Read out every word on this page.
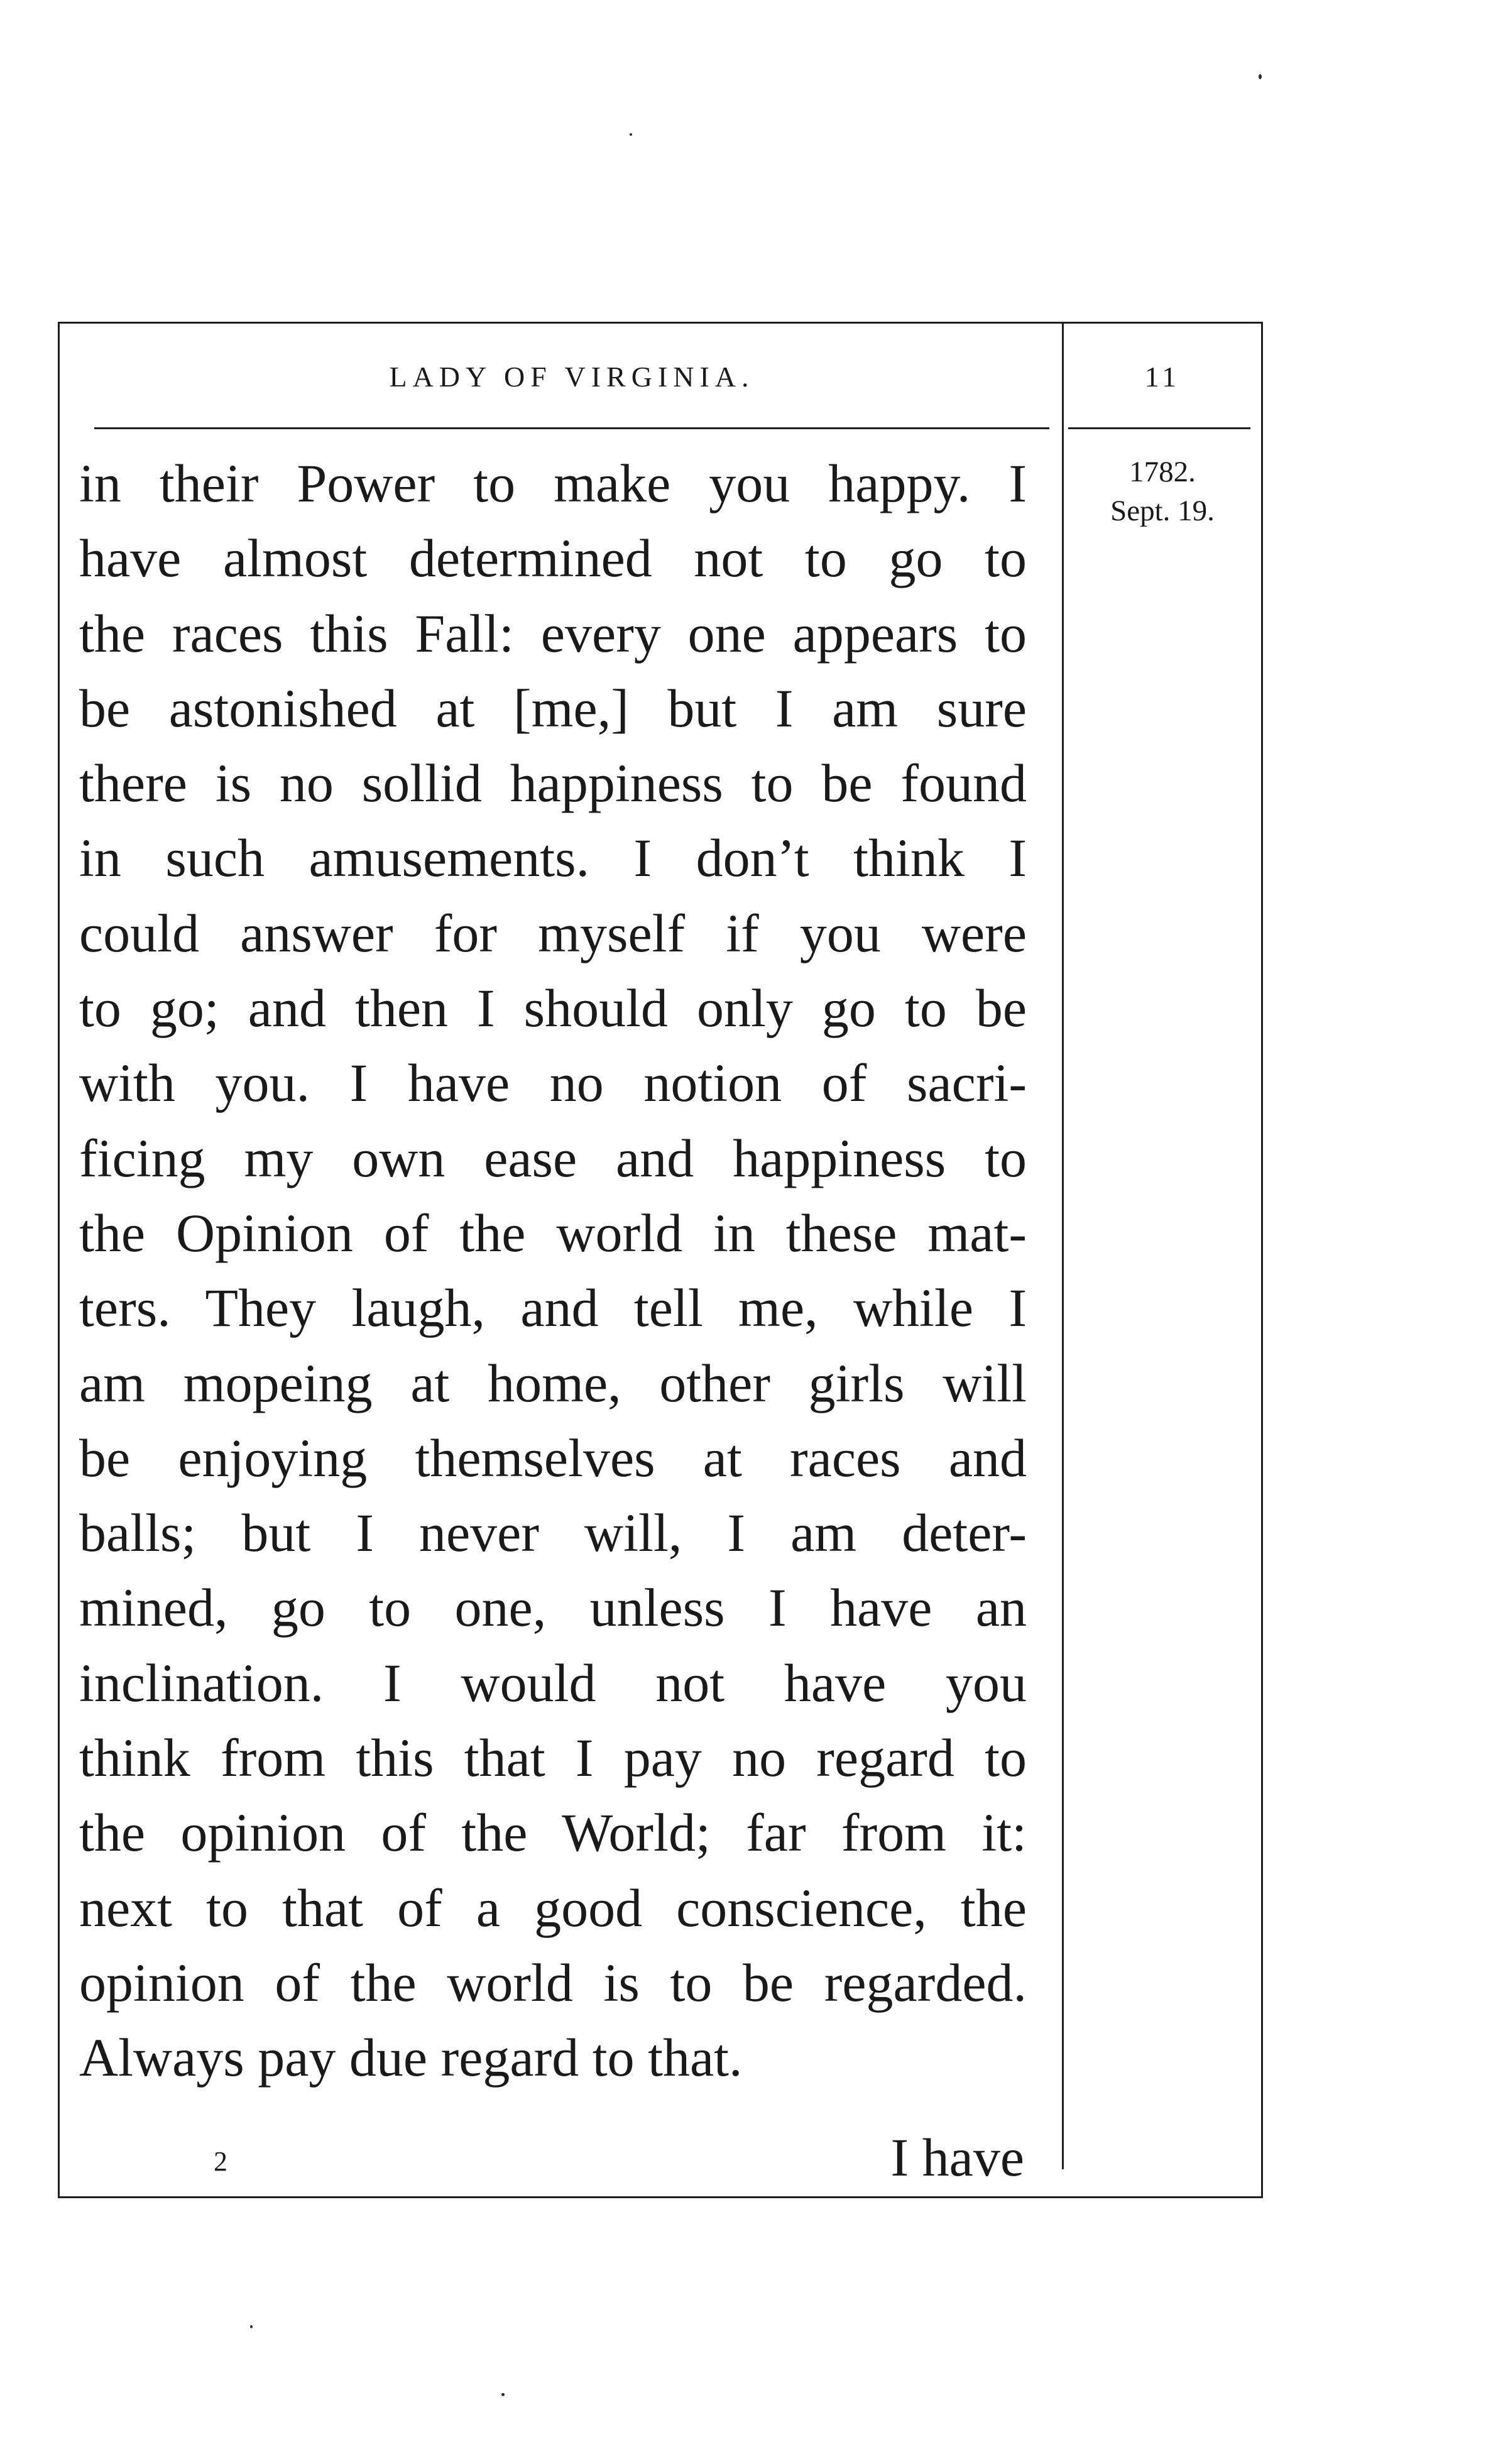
LADY OF VIRGINIA.	11
1782.
Sept. 19.
in their Power to make you happy. I
have almost determined not to go to
the races this Fall: every one appears to
be astonished at [me,] but I am sure
there is no sollid happiness to be found
in such amusements. I don’t think I
could answer for myself if you were
to go; and then I should only go to be
with you. I have no notion of sacri-
ficing my own ease and happiness to
the Opinion of the world in these mat-
ters. They laugh, and tell me, while I
am mopeing at home, other girls will
be enjoying themselves at races and
balls; but I never will, I am deter-
mined, go to one, unless I have an
inclination. I would not have you
think from this that I pay no regard to
the opinion of the World; far from it:
next to that of a good conscience, the
opinion of the world is to be regarded.
Always pay due regard to that.
2	I have
